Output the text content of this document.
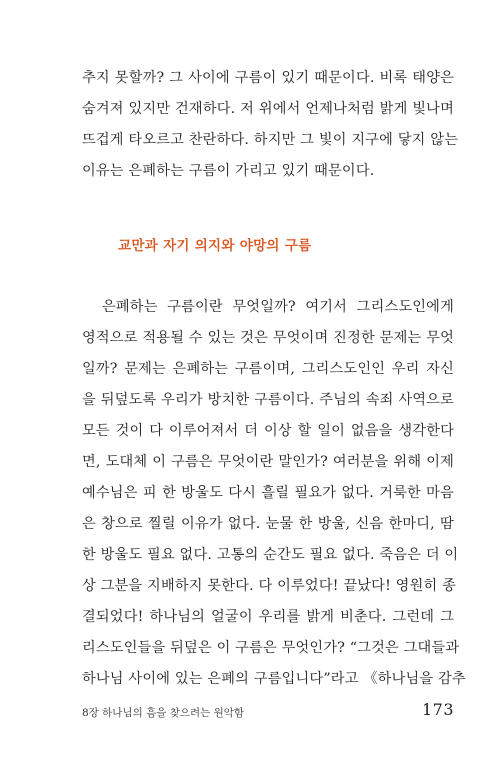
추지 못할까? 그 사이에 구름이 있기 때문이다. 비록 태양은
숨겨져 있지만 건재하다. 저 위에서 언제나처럼 밝게 빛나며
뜨겁게 타오르고 찬란하다. 하지만 그 빛이 지구에 닿지 않는
이유는 은폐하는 구름이 가리고 있기 때문이다.

교만과 자기 의지와 야망의 구름

은폐하는 구름이란 무엇일까? 여기서 그리스도인에게
영적으로 적용될 수 있는 것은 무엇이며 진정한 문제는 무엇
일까? 문제는 은폐하는 구름이며, 그리스도인인 우리 자신
을 뒤덮도록 우리가 방치한 구름이다. 주님의 속죄 사역으로
모든 것이 다 이루어져서 더 이상 할 일이 없음을 생각한다
면, 도대체 이 구름은 무엇이란 말인가? 여러분을 위해 이제
예수님은 피 한 방울도 다시 흘릴 필요가 없다. 거룩한 마음
은 창으로 찔릴 이유가 없다. 눈물 한 방울, 신음 한마디, 땀
한 방울도 필요 없다. 고통의 순간도 필요 없다. 죽음은 더 이
상 그분을 지배하지 못한다. 다 이루었다! 끝났다! 영원히 종
결되었다! 하나님의 얼굴이 우리를 밝게 비춘다. 그런데 그
리스도인들을 뒤덮은 이 구름은 무엇인가? “그것은 그대들과
하나님 사이에 있는 은폐의 구름입니다”라고 《하나님을 감추

8장 하나님의 흠을 찾으려는 원악함	173
